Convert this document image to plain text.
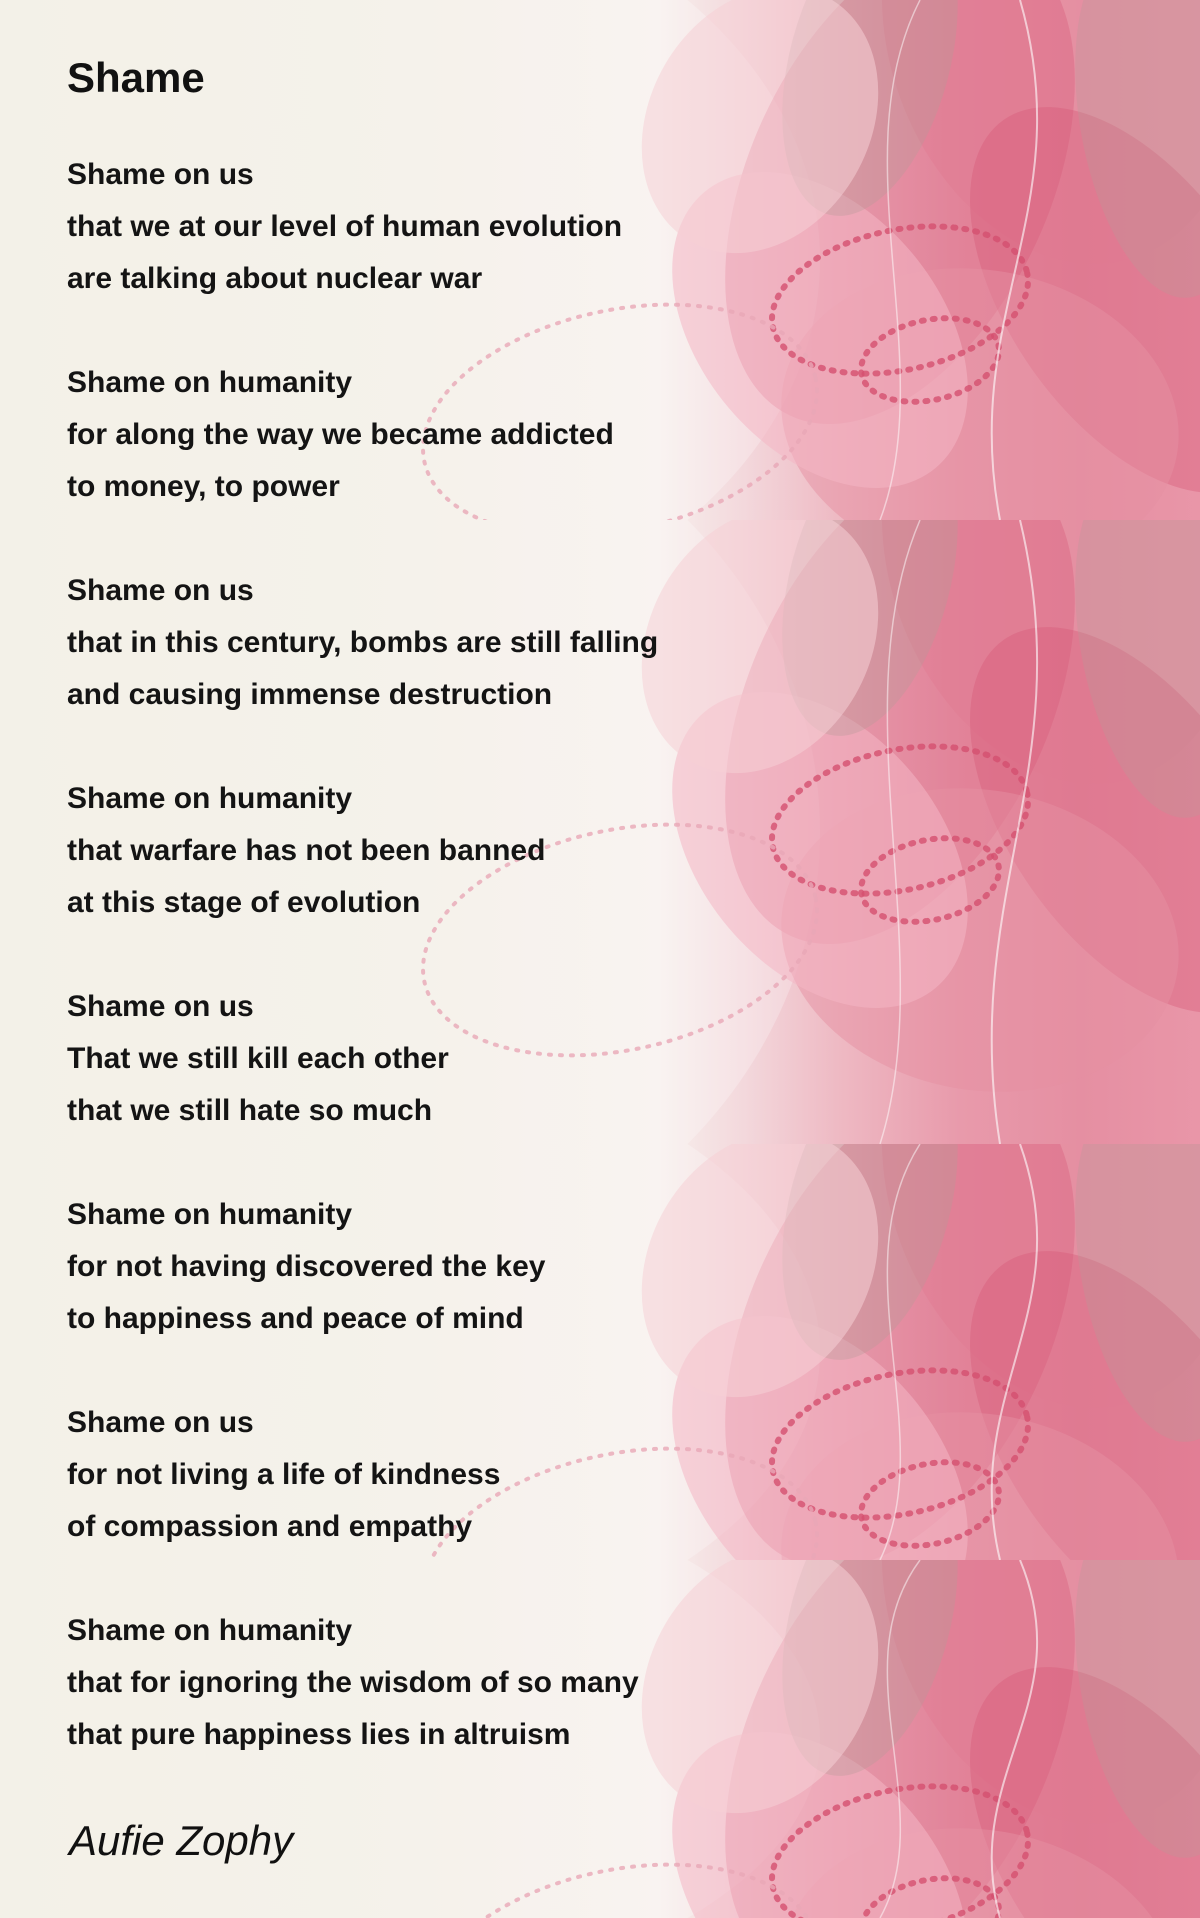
Shame
Shame on us
that we at our level of human evolution
are talking about nuclear war
Shame on humanity
for along the way we became addicted
to money, to power
Shame on us
that in this century, bombs are still falling
and causing immense destruction
Shame on humanity
that warfare has not been banned
at this stage of evolution
Shame on us
That we still kill each other
that we still hate so much
Shame on humanity
for not having discovered the key
to happiness and peace of mind
Shame on us
for not living a life of kindness
of compassion and empathy
Shame on humanity
that for ignoring the wisdom of so many
that pure happiness lies in altruism
Aufie Zophy
